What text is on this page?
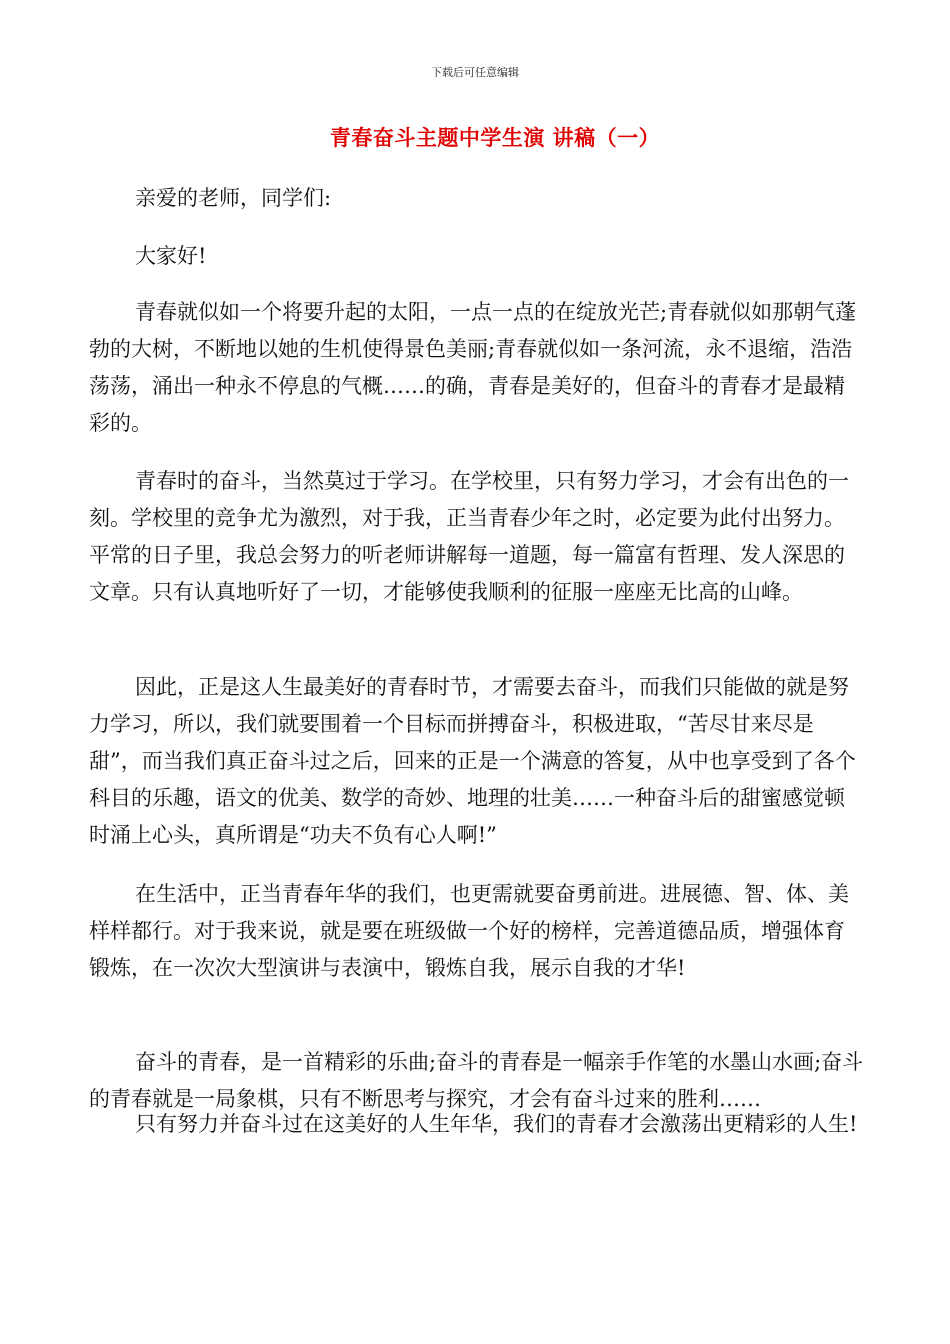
下载后可任意编辑
青春奋斗主题中学生演 讲稿（一）

亲爱的老师，同学们:

大家好!

青春就似如一个将要升起的太阳，一点一点的在绽放光芒;青春就似如那朝气蓬勃的大树，不断地以她的生机使得景色美丽;青春就似如一条河流，永不退缩，浩浩荡荡，涌出一种永不停息的气概……的确，青春是美好的，但奋斗的青春才是最精彩的。

青春时的奋斗，当然莫过于学习。在学校里，只有努力学习，才会有出色的一刻。学校里的竞争尤为激烈，对于我，正当青春少年之时，必定要为此付出努力。平常的日子里，我总会努力的听老师讲解每一道题，每一篇富有哲理、发人深思的文章。只有认真地听好了一切，才能够使我顺利的征服一座座无比高的山峰。

因此，正是这人生最美好的青春时节，才需要去奋斗，而我们只能做的就是努力学习，所以，我们就要围着一个目标而拼搏奋斗，积极进取，“苦尽甘来尽是甜”，而当我们真正奋斗过之后，回来的正是一个满意的答复，从中也享受到了各个科目的乐趣，语文的优美、数学的奇妙、地理的壮美……一种奋斗后的甜蜜感觉顿时涌上心头，真所谓是“功夫不负有心人啊!”

在生活中，正当青春年华的我们，也更需就要奋勇前进。进展德、智、体、美样样都行。对于我来说，就是要在班级做一个好的榜样，完善道德品质，增强体育锻炼，在一次次大型演讲与表演中，锻炼自我，展示自我的才华!

奋斗的青春，是一首精彩的乐曲;奋斗的青春是一幅亲手作笔的水墨山水画;奋斗的青春就是一局象棋，只有不断思考与探究，才会有奋斗过来的胜利……

只有努力并奋斗过在这美好的人生年华，我们的青春才会激荡出更精彩的人生!
